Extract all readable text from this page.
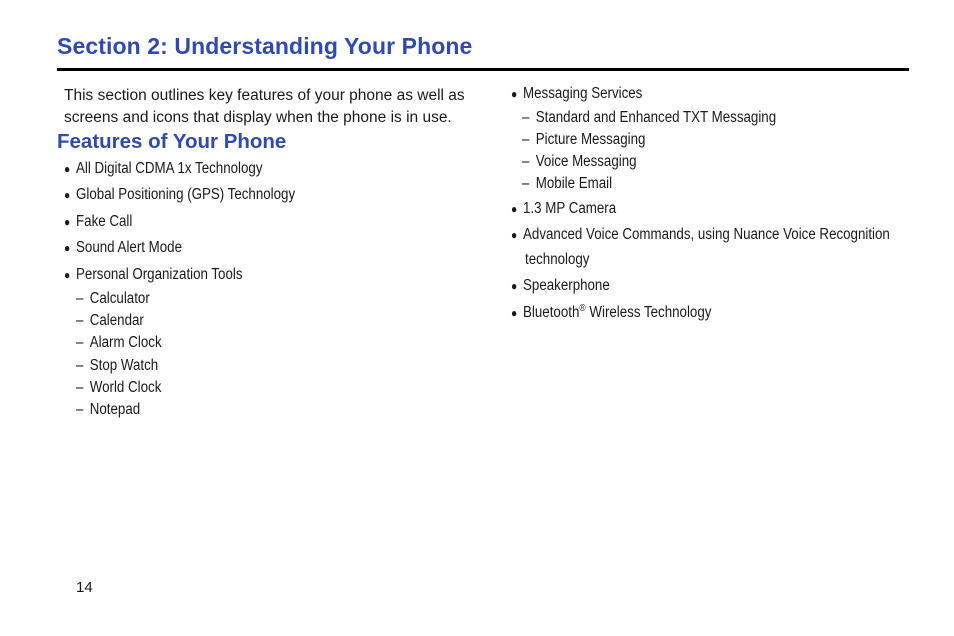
Section 2: Understanding Your Phone

This section outlines key features of your phone as well as screens and icons that display when the phone is in use.

Features of Your Phone
● All Digital CDMA 1x Technology
● Global Positioning (GPS) Technology
● Fake Call
● Sound Alert Mode
● Personal Organization Tools
– Calculator
– Calendar
– Alarm Clock
– Stop Watch
– World Clock
– Notepad
● Messaging Services
– Standard and Enhanced TXT Messaging
– Picture Messaging
– Voice Messaging
– Mobile Email
● 1.3 MP Camera
● Advanced Voice Commands, using Nuance Voice Recognition
technology
● Speakerphone
● Bluetooth® Wireless Technology
14
